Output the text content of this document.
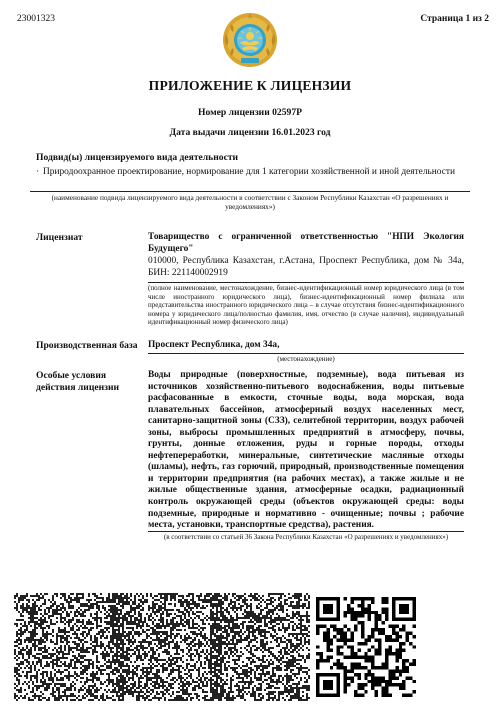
23001323	Страница 1 из 2
ПРИЛОЖЕНИЕ К ЛИЦЕНЗИИ
Номер лицензии 02597Р
Дата выдачи лицензии 16.01.2023 год
Подвид(ы) лицензируемого вида деятельности
· Природоохранное проектирование, нормирование для 1 категории хозяйственной и иной деятельности
(наименование подвида лицензируемого вида деятельности в соответствии с Законом Республики Казахстан «О разрешениях и уведомлениях»)
Лицензиат	Товарищество с ограниченной ответственностью "НПИ Экология Будущего"
010000, Республика Казахстан, г.Астана, Проспект Республика, дом № 34а, БИН: 221140002919
(полное наименование, местонахождение, бизнес-идентификационный номер юридического лица (в том числе иностранного юридического лица), бизнес-идентификационный номер филиала или представительства иностранного юридического лица – в случае отсутствия бизнес-идентификационного номера у юридического лица/полностью фамилия, имя, отчество (в случае наличия), индивидуальный идентификационный номер физического лица)
Производственная база Проспект Республика, дом 34а,
(местонахождение)
Особые условия действия лицензии
Воды природные (поверхностные, подземные), вода питьевая из источников хозяйственно-питьевого водоснабжения, воды питьевые расфасованные в емкости, сточные воды, вода морская, вода плавательных бассейнов, атмосферный воздух населенных мест, санитарно-защитной зоны (СЗЗ), селитебной территории, воздух рабочей зоны, выбросы промышленных предприятий в атмосферу, почвы, грунты, донные отложения, руды и горные породы, отходы нефтепереработки, минеральные, синтетические масляные отходы (шламы), нефть, газ горючий, природный, производственные помещения и территории предприятия (на рабочих местах), а также жилые и не жилые общественные здания, атмосферные осадки, радиационный контроль окружающей среды (объектов окружающей среды: воды подземные, природные и нормативно - очищенные; почвы ; рабочие места, установки, транспортные средства), растения.
(в соответствии со статьей 36 Закона Республики Казахстан «О разрешениях и уведомлениях»)
